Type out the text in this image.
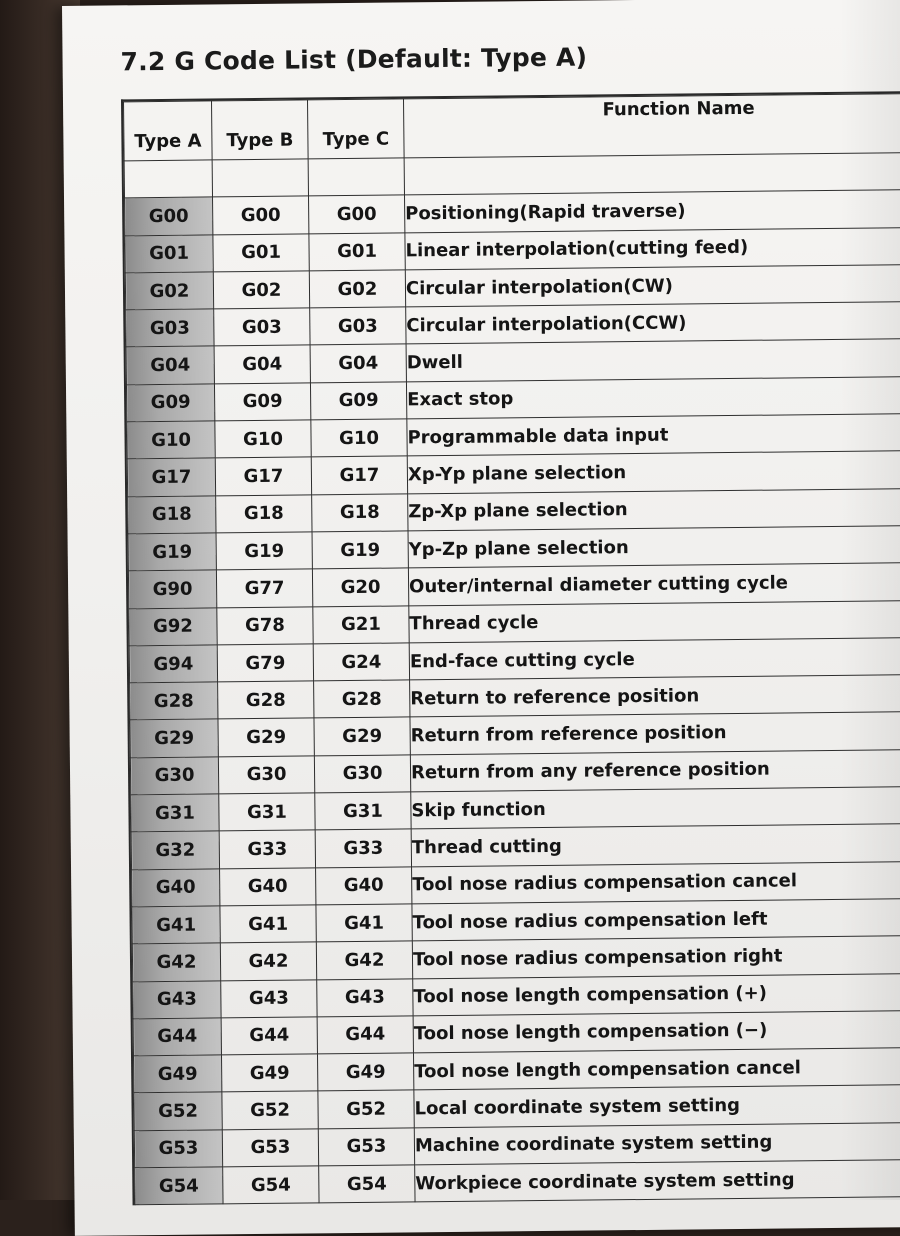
7.2 G Code List (Default: Type A)
Type A	Type B	Type C	Function Name

G00	G00	G00	Positioning(Rapid traverse)
G01	G01	G01	Linear interpolation(cutting feed)
G02	G02	G02	Circular interpolation(CW)
G03	G03	G03	Circular interpolation(CCW)
G04	G04	G04	Dwell
G09	G09	G09	Exact stop
G10	G10	G10	Programmable data input
G17	G17	G17	Xp-Yp plane selection
G18	G18	G18	Zp-Xp plane selection
G19	G19	G19	Yp-Zp plane selection
G90	G77	G20	Outer/internal diameter cutting cycle
G92	G78	G21	Thread cycle
G94	G79	G24	End-face cutting cycle
G28	G28	G28	Return to reference position
G29	G29	G29	Return from reference position
G30	G30	G30	Return from any reference position
G31	G31	G31	Skip function
G32	G33	G33	Thread cutting
G40	G40	G40	Tool nose radius compensation cancel
G41	G41	G41	Tool nose radius compensation left
G42	G42	G42	Tool nose radius compensation right
G43	G43	G43	Tool nose length compensation (+)
G44	G44	G44	Tool nose length compensation (−)
G49	G49	G49	Tool nose length compensation cancel
G52	G52	G52	Local coordinate system setting
G53	G53	G53	Machine coordinate system setting
G54	G54	G54	Workpiece coordinate system setting
